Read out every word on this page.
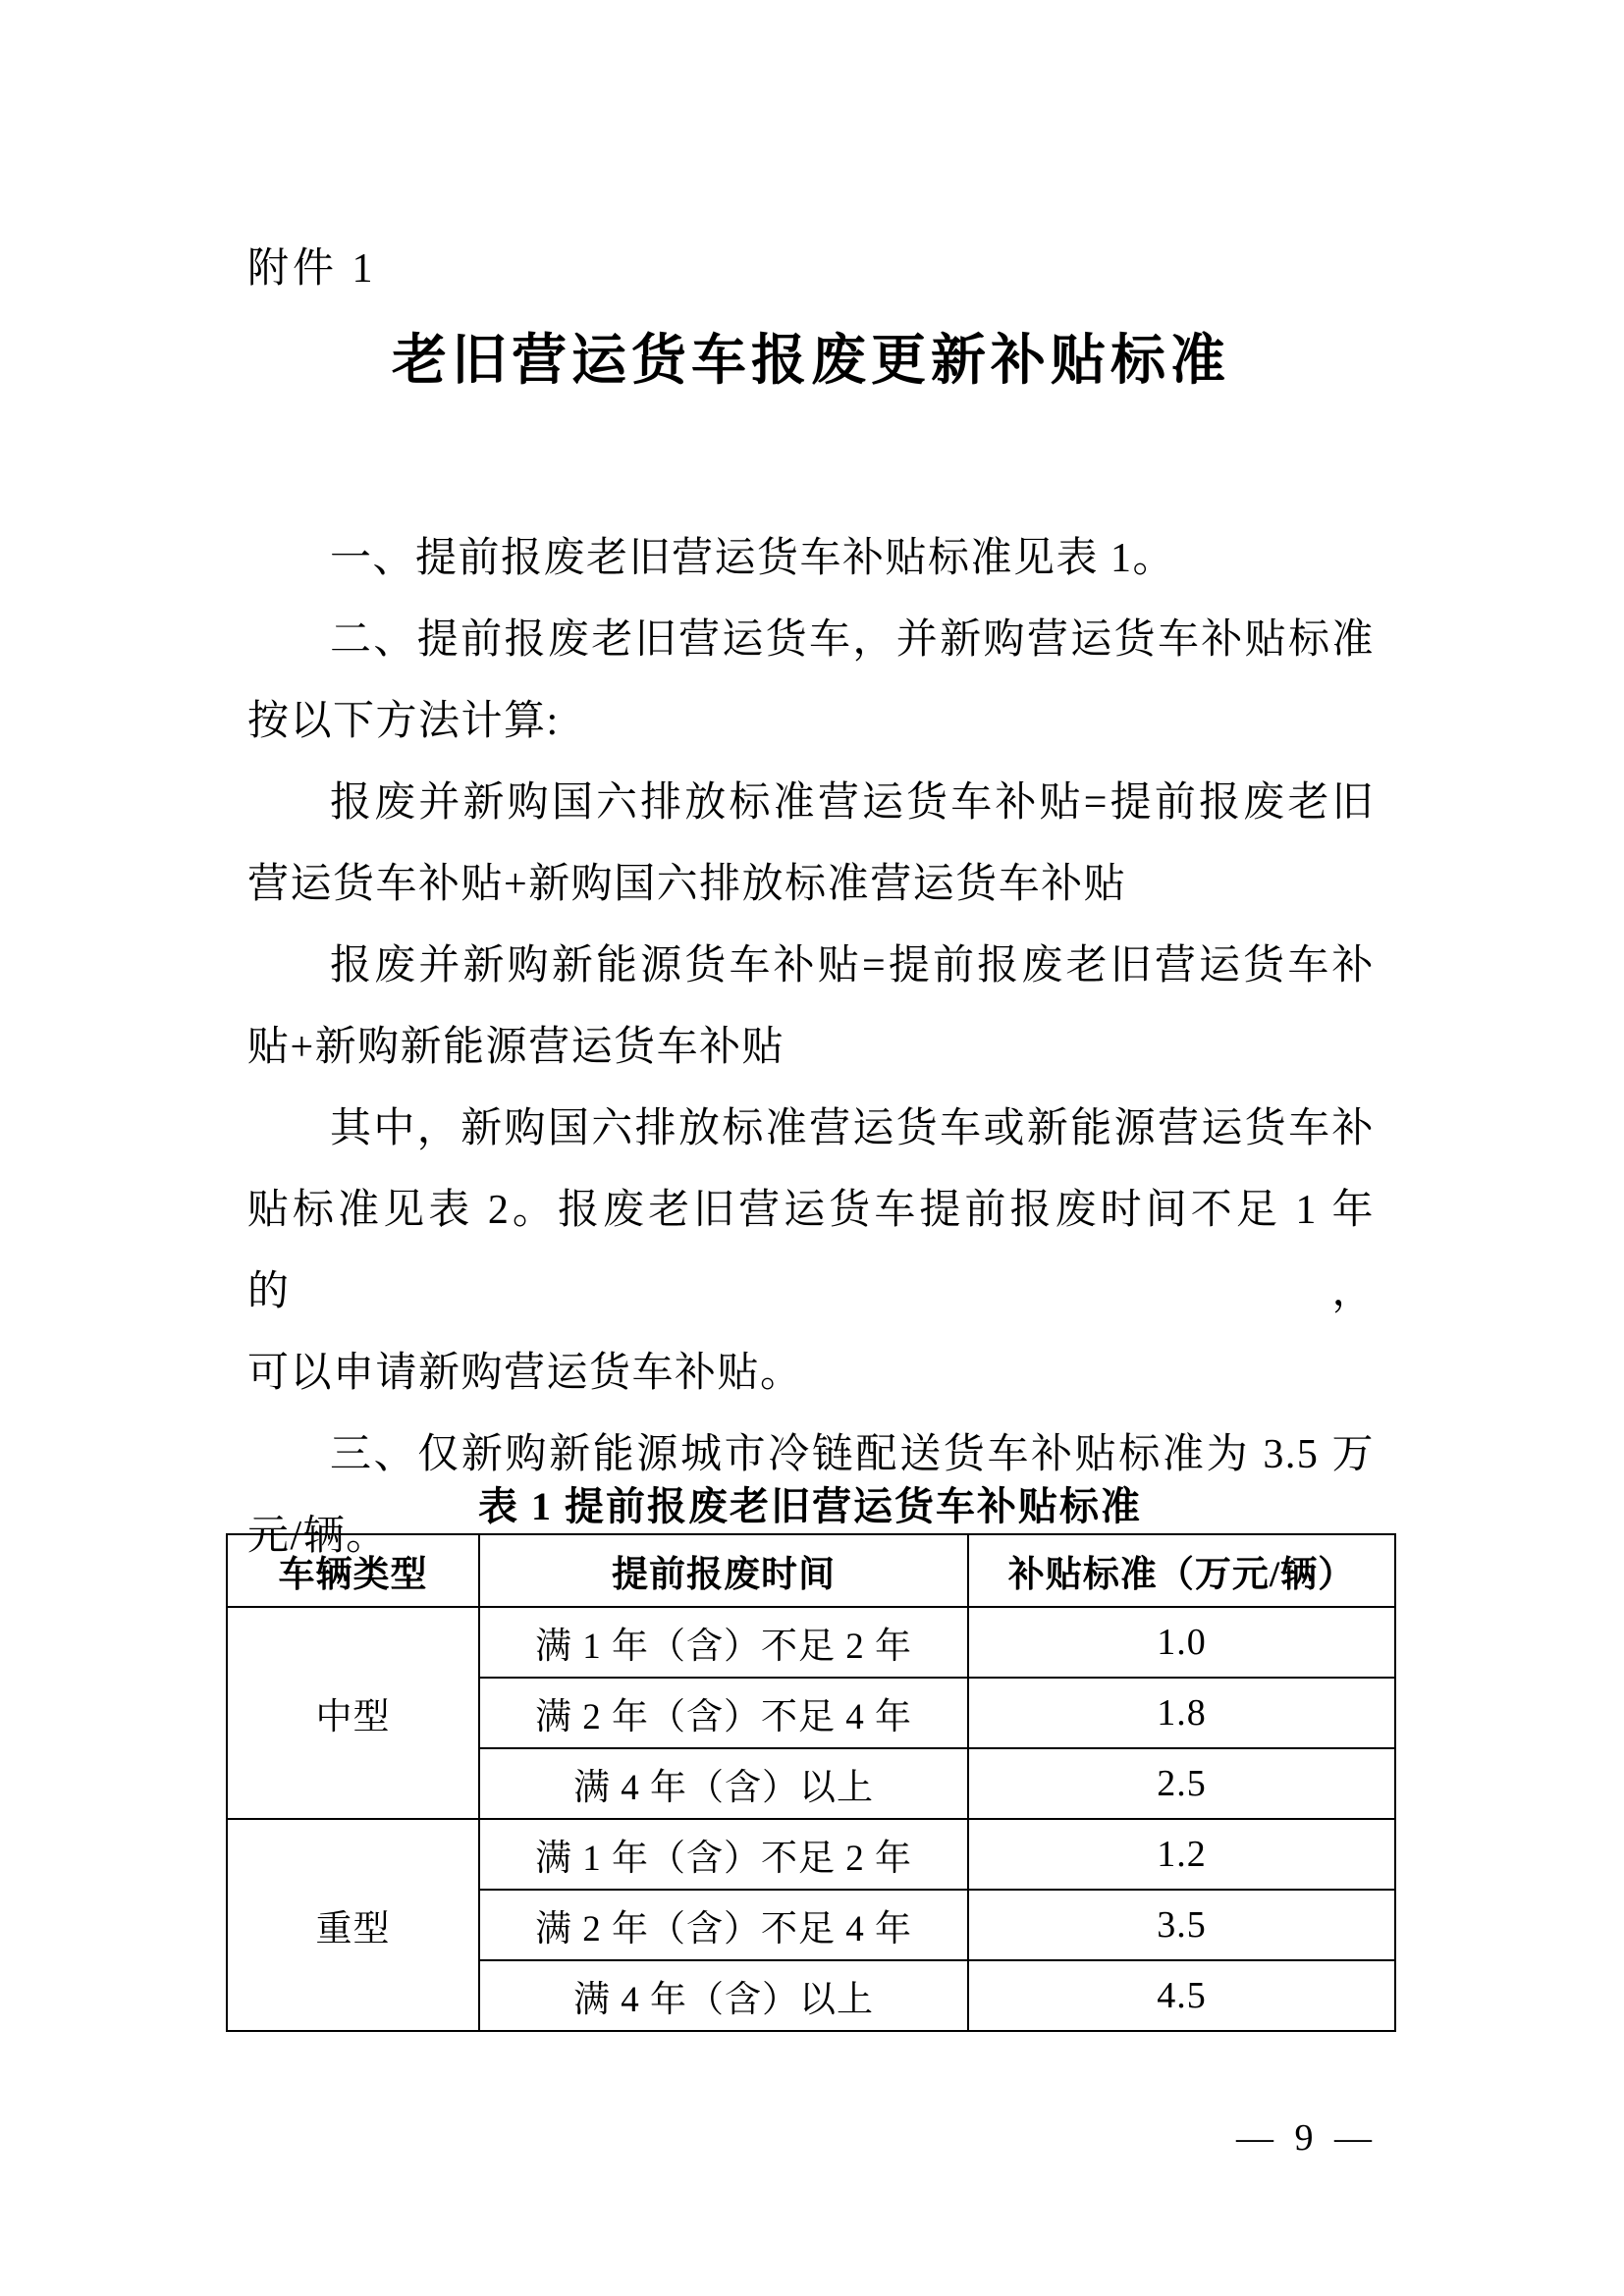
附件 1
老旧营运货车报废更新补贴标准
一、提前报废老旧营运货车补贴标准见表 1。
二、提前报废老旧营运货车，并新购营运货车补贴标准
按以下方法计算:
报废并新购国六排放标准营运货车补贴=提前报废老旧
营运货车补贴+新购国六排放标准营运货车补贴
报废并新购新能源货车补贴=提前报废老旧营运货车补
贴+新购新能源营运货车补贴
其中，新购国六排放标准营运货车或新能源营运货车补
贴标准见表 2。报废老旧营运货车提前报废时间不足 1 年的，
可以申请新购营运货车补贴。
三、仅新购新能源城市冷链配送货车补贴标准为 3.5 万
元/辆。
表 1 提前报废老旧营运货车补贴标准
车辆类型	提前报废时间	补贴标准（万元/辆）
中型	满 1 年（含）不足 2 年	1.0
	满 2 年（含）不足 4 年	1.8
	满 4 年（含）以上	2.5
重型	满 1 年（含）不足 2 年	1.2
	满 2 年（含）不足 4 年	3.5
	满 4 年（含）以上	4.5
— 9 —
